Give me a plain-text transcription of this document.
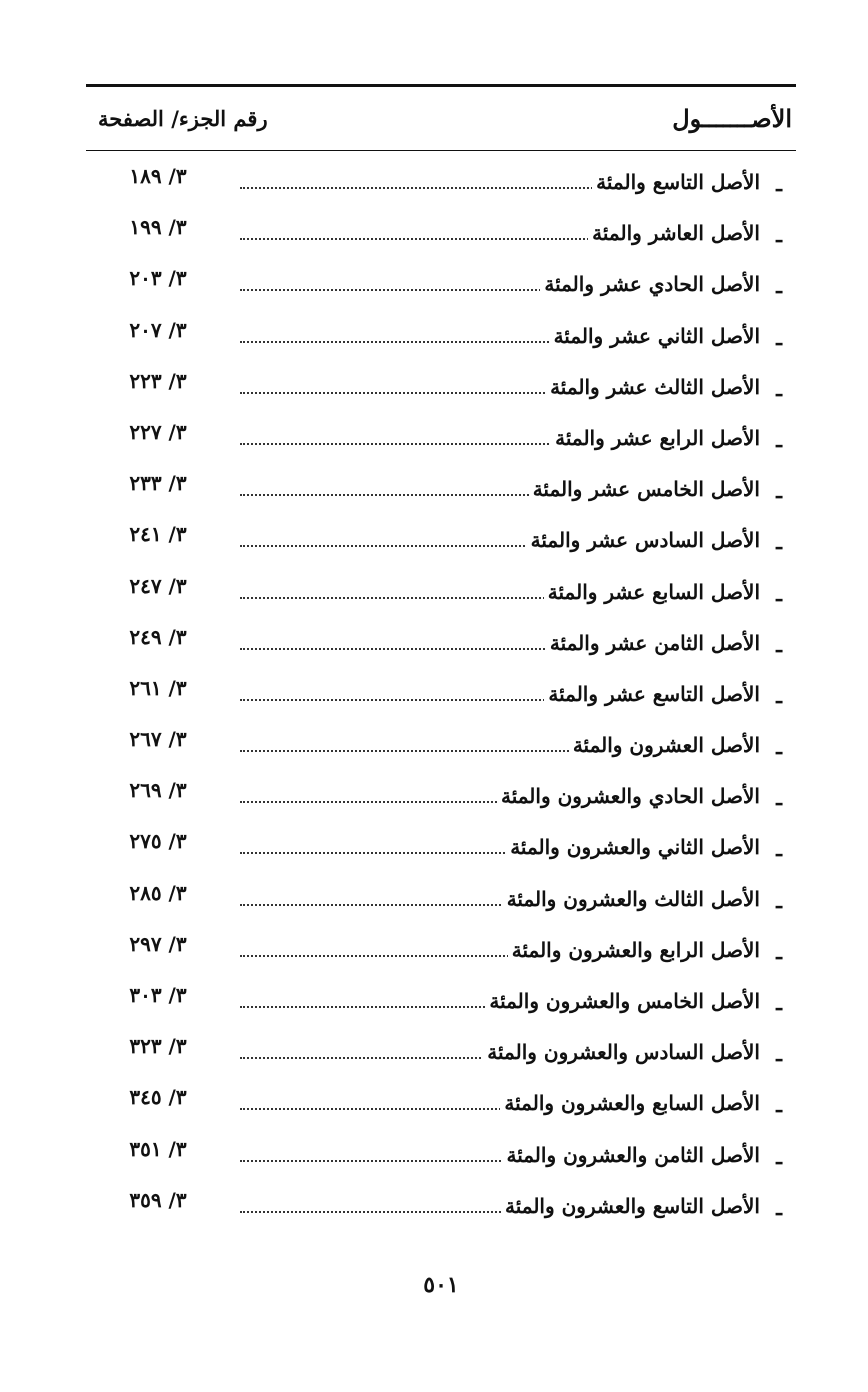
الأصـــــــول
رقم الجزء/ الصفحة
ـ
الأصل التاسع والمئة
٣/ ١٨٩
ـ
الأصل العاشر والمئة
٣/ ١٩٩
ـ
الأصل الحادي عشر والمئة
٣/ ٢٠٣
ـ
الأصل الثاني عشر والمئة
٣/ ٢٠٧
ـ
الأصل الثالث عشر والمئة
٣/ ٢٢٣
ـ
الأصل الرابع عشر والمئة
٣/ ٢٢٧
ـ
الأصل الخامس عشر والمئة
٣/ ٢٣٣
ـ
الأصل السادس عشر والمئة
٣/ ٢٤١
ـ
الأصل السابع عشر والمئة
٣/ ٢٤٧
ـ
الأصل الثامن عشر والمئة
٣/ ٢٤٩
ـ
الأصل التاسع عشر والمئة
٣/ ٢٦١
ـ
الأصل العشرون والمئة
٣/ ٢٦٧
ـ
الأصل الحادي والعشرون والمئة
٣/ ٢٦٩
ـ
الأصل الثاني والعشرون والمئة
٣/ ٢٧٥
ـ
الأصل الثالث والعشرون والمئة
٣/ ٢٨٥
ـ
الأصل الرابع والعشرون والمئة
٣/ ٢٩٧
ـ
الأصل الخامس والعشرون والمئة
٣/ ٣٠٣
ـ
الأصل السادس والعشرون والمئة
٣/ ٣٢٣
ـ
الأصل السابع والعشرون والمئة
٣/ ٣٤٥
ـ
الأصل الثامن والعشرون والمئة
٣/ ٣٥١
ـ
الأصل التاسع والعشرون والمئة
٣/ ٣٥٩
٥٠١
